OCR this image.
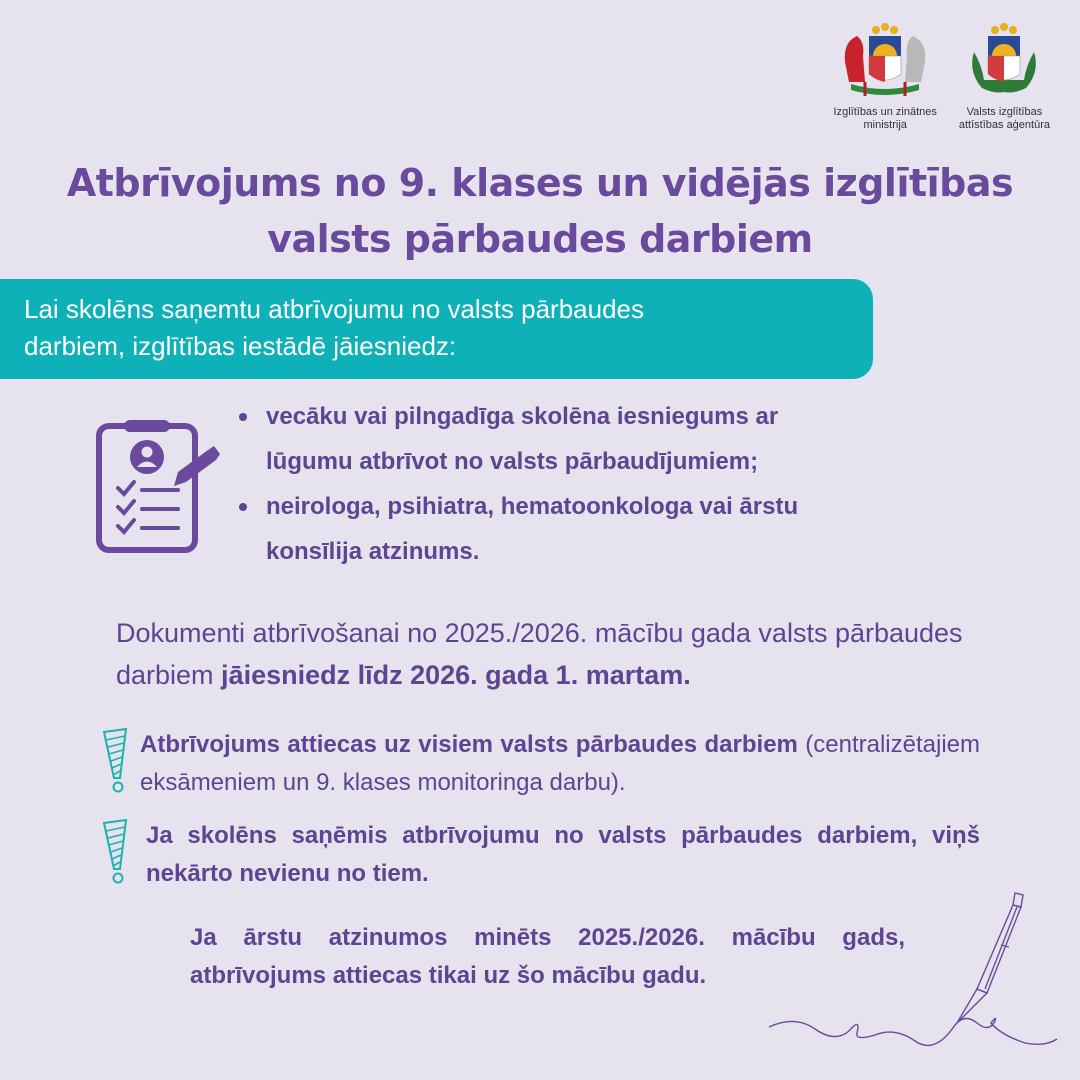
Izglītības un zinātnes
ministrija
Valsts izglītības
attīstības aģentūra
Atbrīvojums no 9. klases un vidējās izglītības
valsts pārbaudes darbiem
Lai skolēns saņemtu atbrīvojumu no valsts pārbaudes
darbiem, izglītības iestādē jāiesniedz:
vecāku vai pilngadīga skolēna iesniegums ar
lūgumu atbrīvot no valsts pārbaudījumiem;
neirologa, psihiatra, hematoonkologa vai ārstu
konsīlija atzinums.

Dokumenti atbrīvošanai no 2025./2026. mācību gada valsts pārbaudes darbiem jāiesniedz līdz 2026. gada 1. martam.

Atbrīvojums attiecas uz visiem valsts pārbaudes darbiem (centralizētajiem eksāmeniem un 9. klases monitoringa darbu).

Ja skolēns saņēmis atbrīvojumu no valsts pārbaudes darbiem, viņš nekārto nevienu no tiem.

Ja ārstu atzinumos minēts 2025./2026. mācību gads, atbrīvojums attiecas tikai uz šo mācību gadu.
